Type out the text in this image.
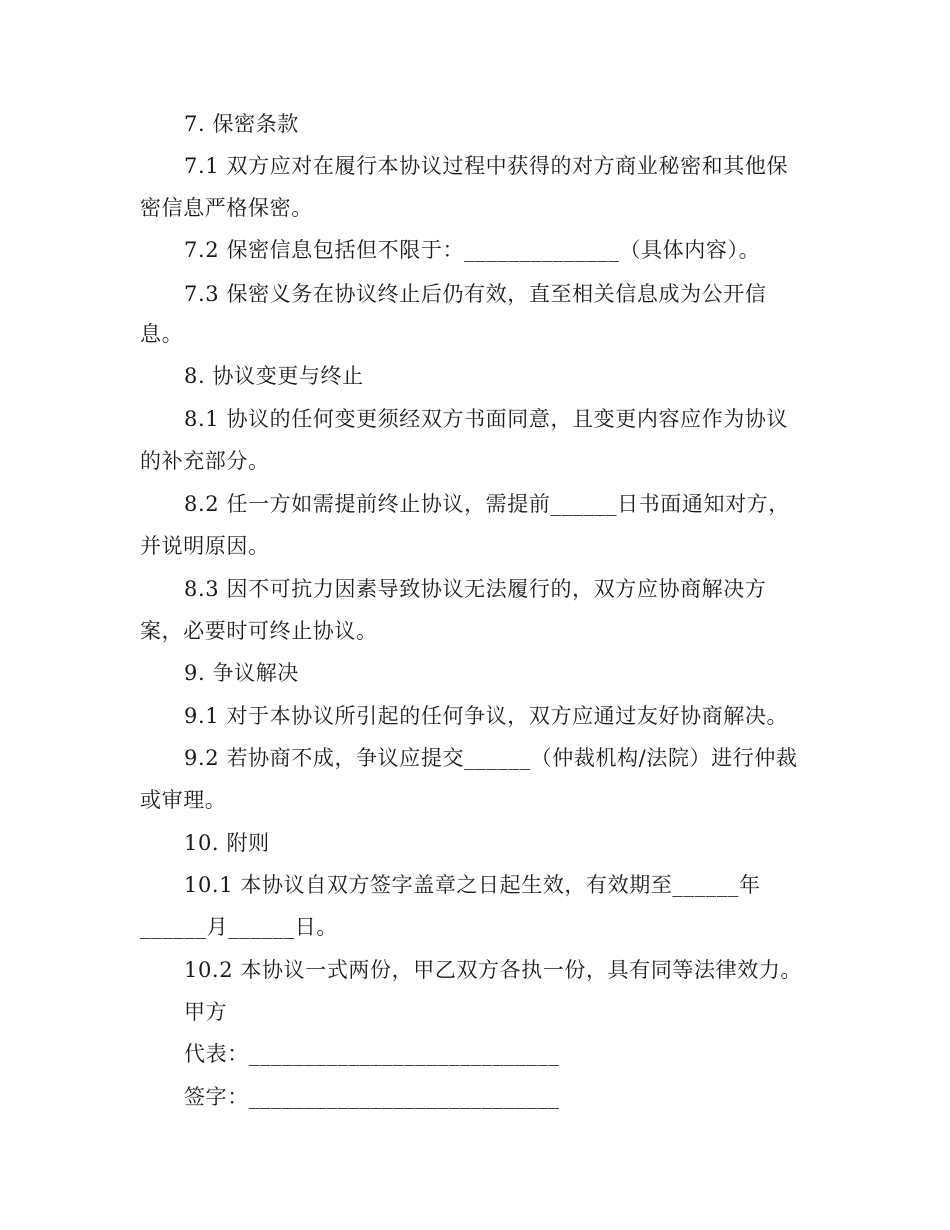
7. 保密条款
7.1 双方应对在履行本协议过程中获得的对方商业秘密和其他保
密信息严格保密。
7.2 保密信息包括但不限于：______________（具体内容）。
7.3 保密义务在协议终止后仍有效，直至相关信息成为公开信
息。
8. 协议变更与终止
8.1 协议的任何变更须经双方书面同意，且变更内容应作为协议
的补充部分。
8.2 任一方如需提前终止协议，需提前______日书面通知对方，
并说明原因。
8.3 因不可抗力因素导致协议无法履行的，双方应协商解决方
案，必要时可终止协议。
9. 争议解决
9.1 对于本协议所引起的任何争议，双方应通过友好协商解决。
9.2 若协商不成，争议应提交______（仲裁机构/法院）进行仲裁
或审理。
10. 附则
10.1 本协议自双方签字盖章之日起生效，有效期至______年
______月______日。
10.2 本协议一式两份，甲乙双方各执一份，具有同等法律效力。
甲方
代表：____________________________
签字：____________________________
